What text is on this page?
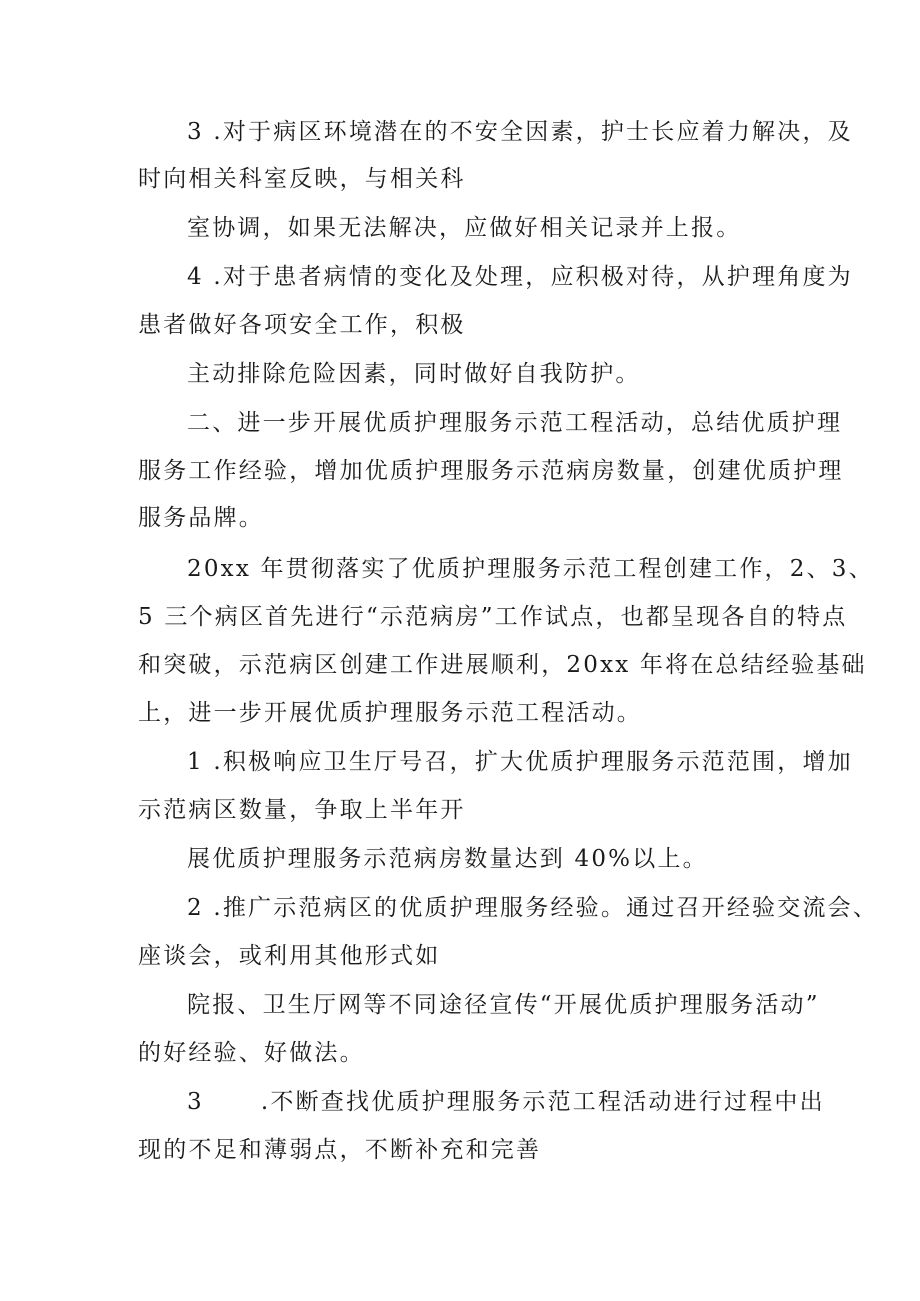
3 .对于病区环境潜在的不安全因素，护士长应着力解决，及
时向相关科室反映，与相关科
室协调，如果无法解决，应做好相关记录并上报。
4 .对于患者病情的变化及处理，应积极对待，从护理角度为
患者做好各项安全工作，积极
主动排除危险因素，同时做好自我防护。
二、进一步开展优质护理服务示范工程活动，总结优质护理
服务工作经验，增加优质护理服务示范病房数量，创建优质护理
服务品牌。
20xx 年贯彻落实了优质护理服务示范工程创建工作，2、3、
5 三个病区首先进行“示范病房”工作试点，也都呈现各自的特点
和突破，示范病区创建工作进展顺利，20xx 年将在总结经验基础
上，进一步开展优质护理服务示范工程活动。
1 .积极响应卫生厅号召，扩大优质护理服务示范范围，增加
示范病区数量，争取上半年开
展优质护理服务示范病房数量达到 40%以上。
2 .推广示范病区的优质护理服务经验。通过召开经验交流会、
座谈会，或利用其他形式如
院报、卫生厅网等不同途径宣传“开展优质护理服务活动”
的好经验、好做法。
3      .不断查找优质护理服务示范工程活动进行过程中出
现的不足和薄弱点，不断补充和完善
